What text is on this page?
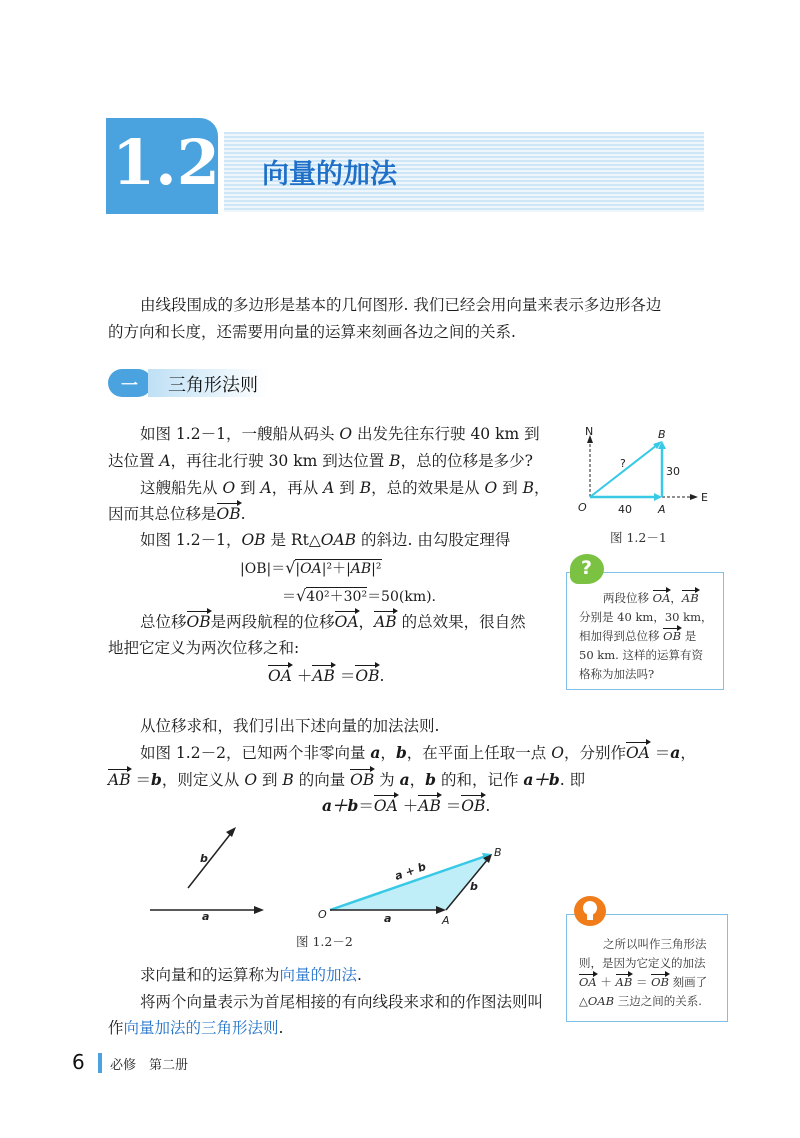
1.2 向量的加法
由线段围成的多边形是基本的几何图形. 我们已经会用向量来表示多边形各边
的方向和长度，还需要用向量的运算来刻画各边之间的关系.
一 三角形法则
如图 1.2－1，一艘船从码头 O 出发先往东行驶 40 km 到
达位置 A，再往北行驶 30 km 到达位置 B，总的位移是多少?
这艘船先从 O 到 A，再从 A 到 B，总的效果是从 O 到 B，
因而其总位移是OB.
如图 1.2－1，OB 是 Rt△OAB 的斜边. 由勾股定理得
|OB|＝√|OA|²＋|AB|²
＝√40²＋30²＝50(km).
总位移OB是两段航程的位移OA，AB 的总效果，很自然
地把它定义为两次位移之和:
OA ＋AB ＝OB.
从位移求和，我们引出下述向量的加法法则.
如图 1.2－2，已知两个非零向量 a，b，在平面上任取一点 O，分别作OA ＝a，
AB ＝b，则定义从 O 到 B 的向量 OB 为 a，b 的和，记作 a＋b. 即
a＋b＝OA ＋AB ＝OB.
N
E
O	A
B
?
30
40
图 1.2－1
?
两段位移 OA，AB
分别是 40 km，30 km，
相加得到总位移 OB 是
50 km. 这样的运算有资
格称为加法吗?
a
b
O	A
B
a
b
a + b
图 1.2－2	之所以叫作三角形法
则，是因为它定义的加法
OA ＋ AB ＝ OB 刻画了
△OAB 三边之间的关系.
求向量和的运算称为向量的加法.
将两个向量表示为首尾相接的有向线段来求和的作图法则叫
作向量加法的三角形法则.
6 必修　第二册
